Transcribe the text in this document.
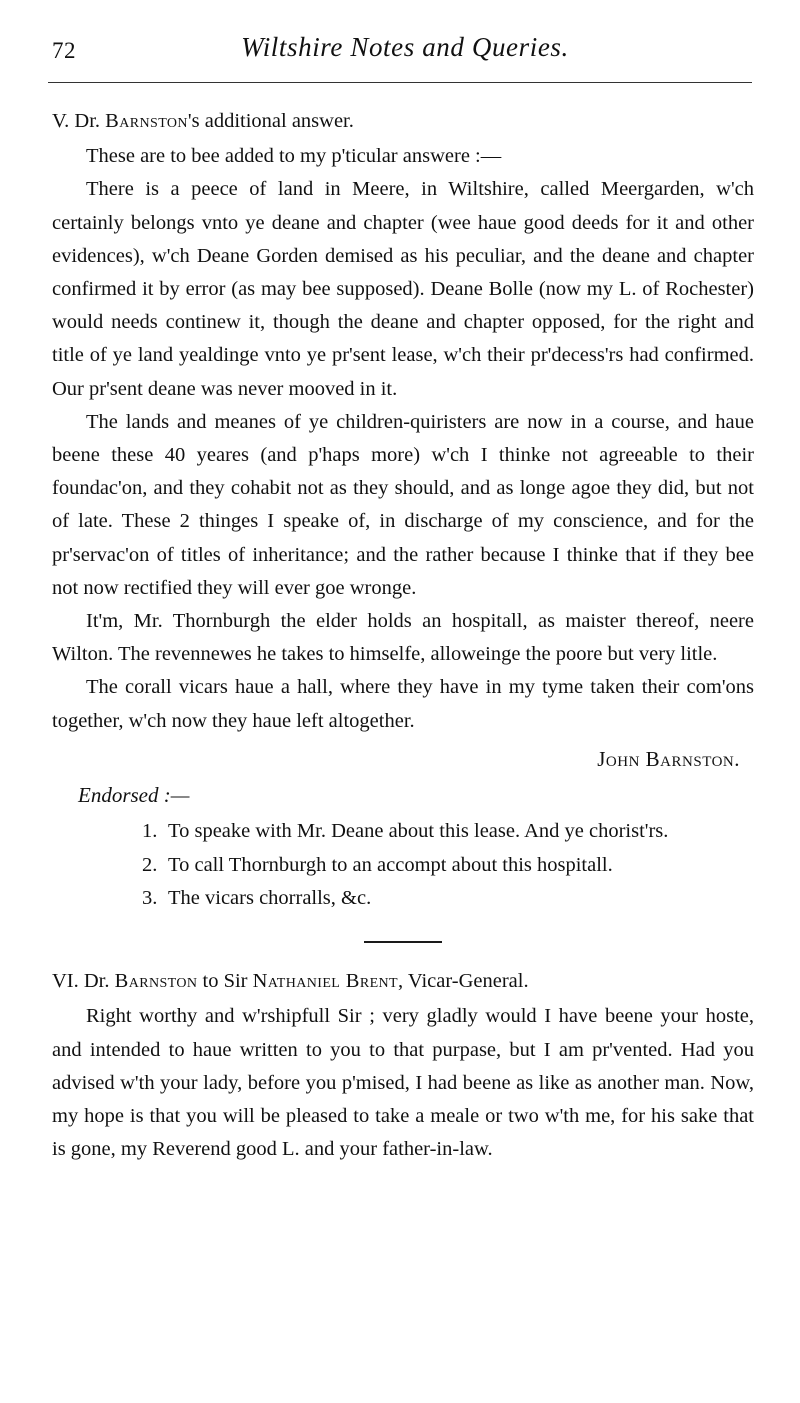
72	Wiltshire Notes and Queries.
V. Dr. Barnston's additional answer.

These are to bee added to my p'ticular answere :—

There is a peece of land in Meere, in Wiltshire, called Meergarden, w'ch certainly belongs vnto ye deane and chapter (wee haue good deeds for it and other evidences), w'ch Deane Gorden demised as his peculiar, and the deane and chapter confirmed it by error (as may bee supposed). Deane Bolle (now my L. of Rochester) would needs continew it, though the deane and chapter opposed, for the right and title of ye land yealdinge vnto ye pr'sent lease, w'ch their pr'decess'rs had confirmed. Our pr'sent deane was never mooved in it.

The lands and meanes of ye children-quiristers are now in a course, and haue beene these 40 yeares (and p'haps more) w'ch I thinke not agreeable to their foundac'on, and they cohabit not as they should, and as longe agoe they did, but not of late. These 2 thinges I speake of, in discharge of my conscience, and for the pr'servac'on of titles of inheritance; and the rather because I thinke that if they bee not now rectified they will ever goe wronge.

It'm, Mr. Thornburgh the elder holds an hospitall, as maister thereof, neere Wilton. The revennewes he takes to himselfe, alloweinge the poore but very litle.

The corall vicars haue a hall, where they have in my tyme taken their com'ons together, w'ch now they haue left altogether.

John Barnston.
Endorsed :—
1. To speake with Mr. Deane about this lease. And ye chorist'rs.
2. To call Thornburgh to an accompt about this hospitall.
3. The vicars chorralls, &c.
VI. Dr. Barnston to Sir Nathaniel Brent, Vicar-General.

Right worthy and w'rshipfull Sir ; very gladly would I have beene your hoste, and intended to haue written to you to that purpase, but I am pr'vented. Had you advised w'th your lady, before you p'mised, I had beene as like as another man. Now, my hope is that you will be pleased to take a meale or two w'th me, for his sake that is gone, my Reverend good L. and your father-in-law.
